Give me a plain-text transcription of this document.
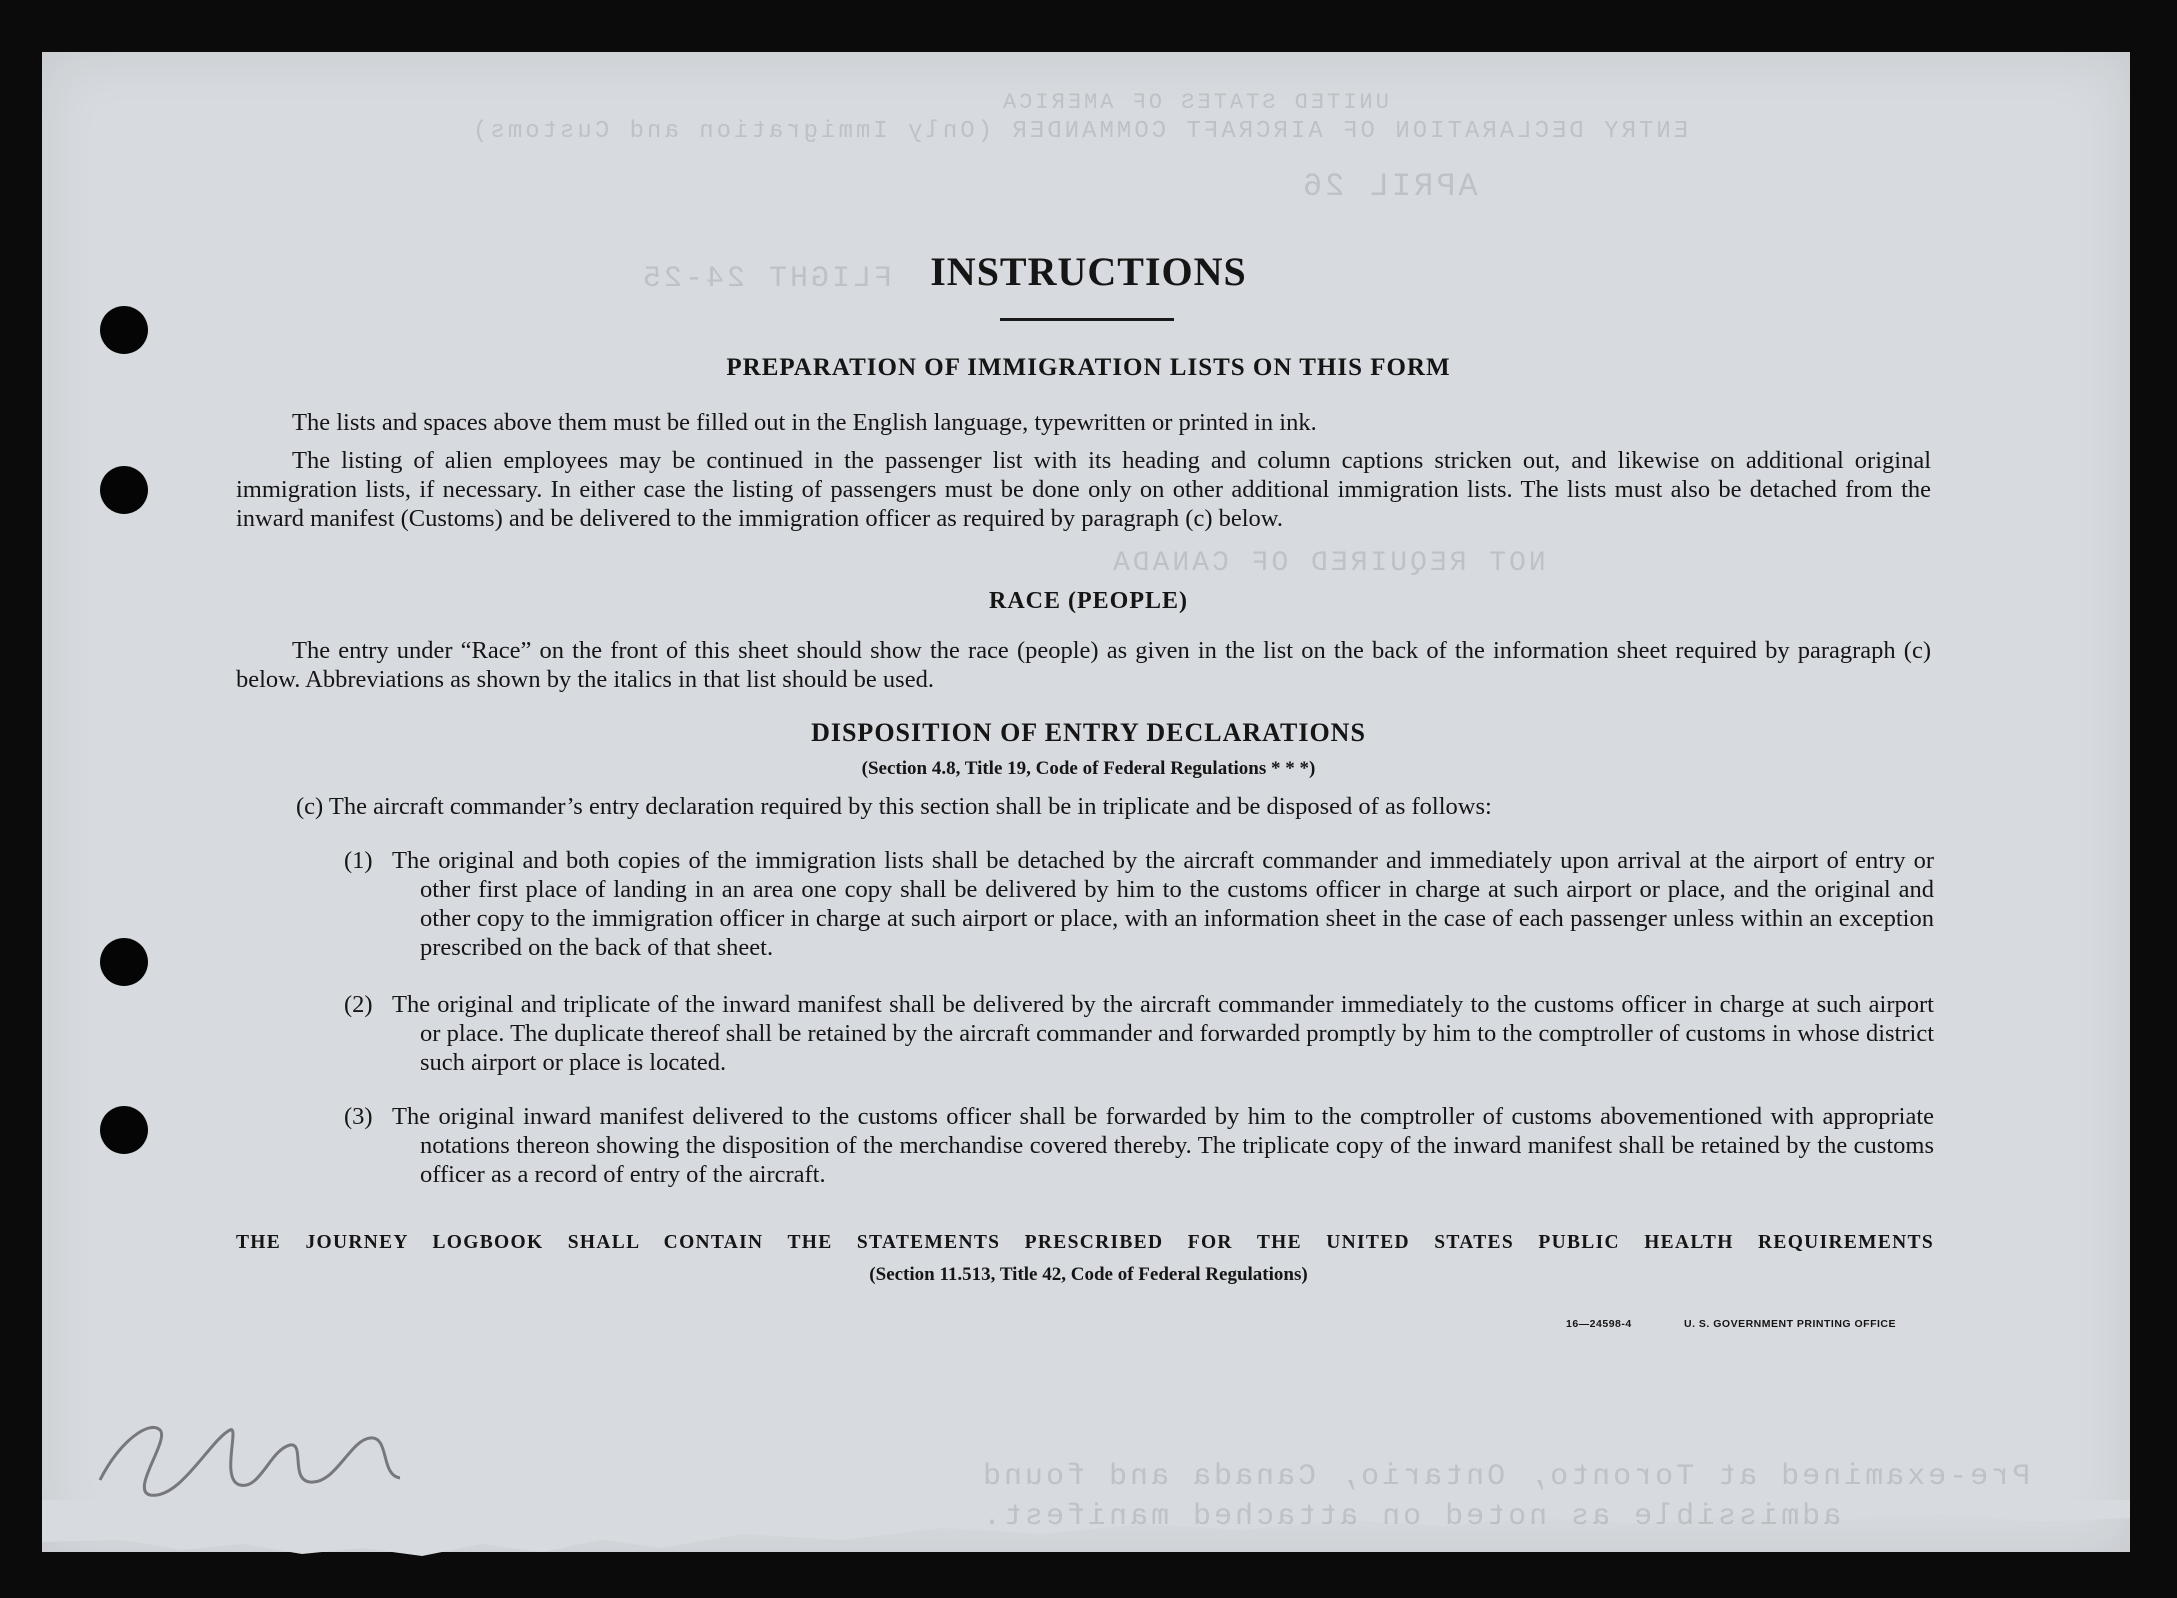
UNITED STATES OF AMERICA
ENTRY DECLARATION OF AIRCRAFT COMMANDER (Only Immigration and Customs)
APRIL 26
FLIGHT 24-25
NOT REQUIRED OF CANADA
Pre-examined at Toronto, Ontario, Canada and found
admissible as noted on attached manifest.
INSTRUCTIONS
PREPARATION OF IMMIGRATION LISTS ON THIS FORM
The lists and spaces above them must be filled out in the English language, typewritten or printed in ink.
The listing of alien employees may be continued in the passenger list with its heading and column captions stricken out, and likewise on additional original immigration lists, if necessary. In either case the listing of passengers must be done only on other additional immigration lists. The lists must also be detached from the inward manifest (Customs) and be delivered to the immigration officer as required by paragraph (c) below.
RACE (PEOPLE)
The entry under “Race” on the front of this sheet should show the race (people) as given in the list on the back of the information sheet required by paragraph (c) below. Abbreviations as shown by the italics in that list should be used.
DISPOSITION OF ENTRY DECLARATIONS
(Section 4.8, Title 19, Code of Federal Regulations * * *)
(c) The aircraft commander’s entry declaration required by this section shall be in triplicate and be disposed of as follows:
(1) The original and both copies of the immigration lists shall be detached by the aircraft commander and immediately upon arrival at the airport of entry or other first place of landing in an area one copy shall be delivered by him to the customs officer in charge at such airport or place, and the original and other copy to the immigration officer in charge at such airport or place, with an information sheet in the case of each passenger unless within an exception prescribed on the back of that sheet.
(2) The original and triplicate of the inward manifest shall be delivered by the aircraft commander immediately to the customs officer in charge at such airport or place. The duplicate thereof shall be retained by the aircraft commander and forwarded promptly by him to the comptroller of customs in whose district such airport or place is located.
(3) The original inward manifest delivered to the customs officer shall be forwarded by him to the comptroller of customs abovementioned with appropriate notations thereon showing the disposition of the merchandise covered thereby. The triplicate copy of the inward manifest shall be retained by the customs officer as a record of entry of the aircraft.
THE JOURNEY LOGBOOK SHALL CONTAIN THE STATEMENTS PRESCRIBED FOR THE UNITED STATES PUBLIC HEALTH REQUIREMENTS
(Section 11.513, Title 42, Code of Federal Regulations)
16—24598-4	U. S. GOVERNMENT PRINTING OFFICE
